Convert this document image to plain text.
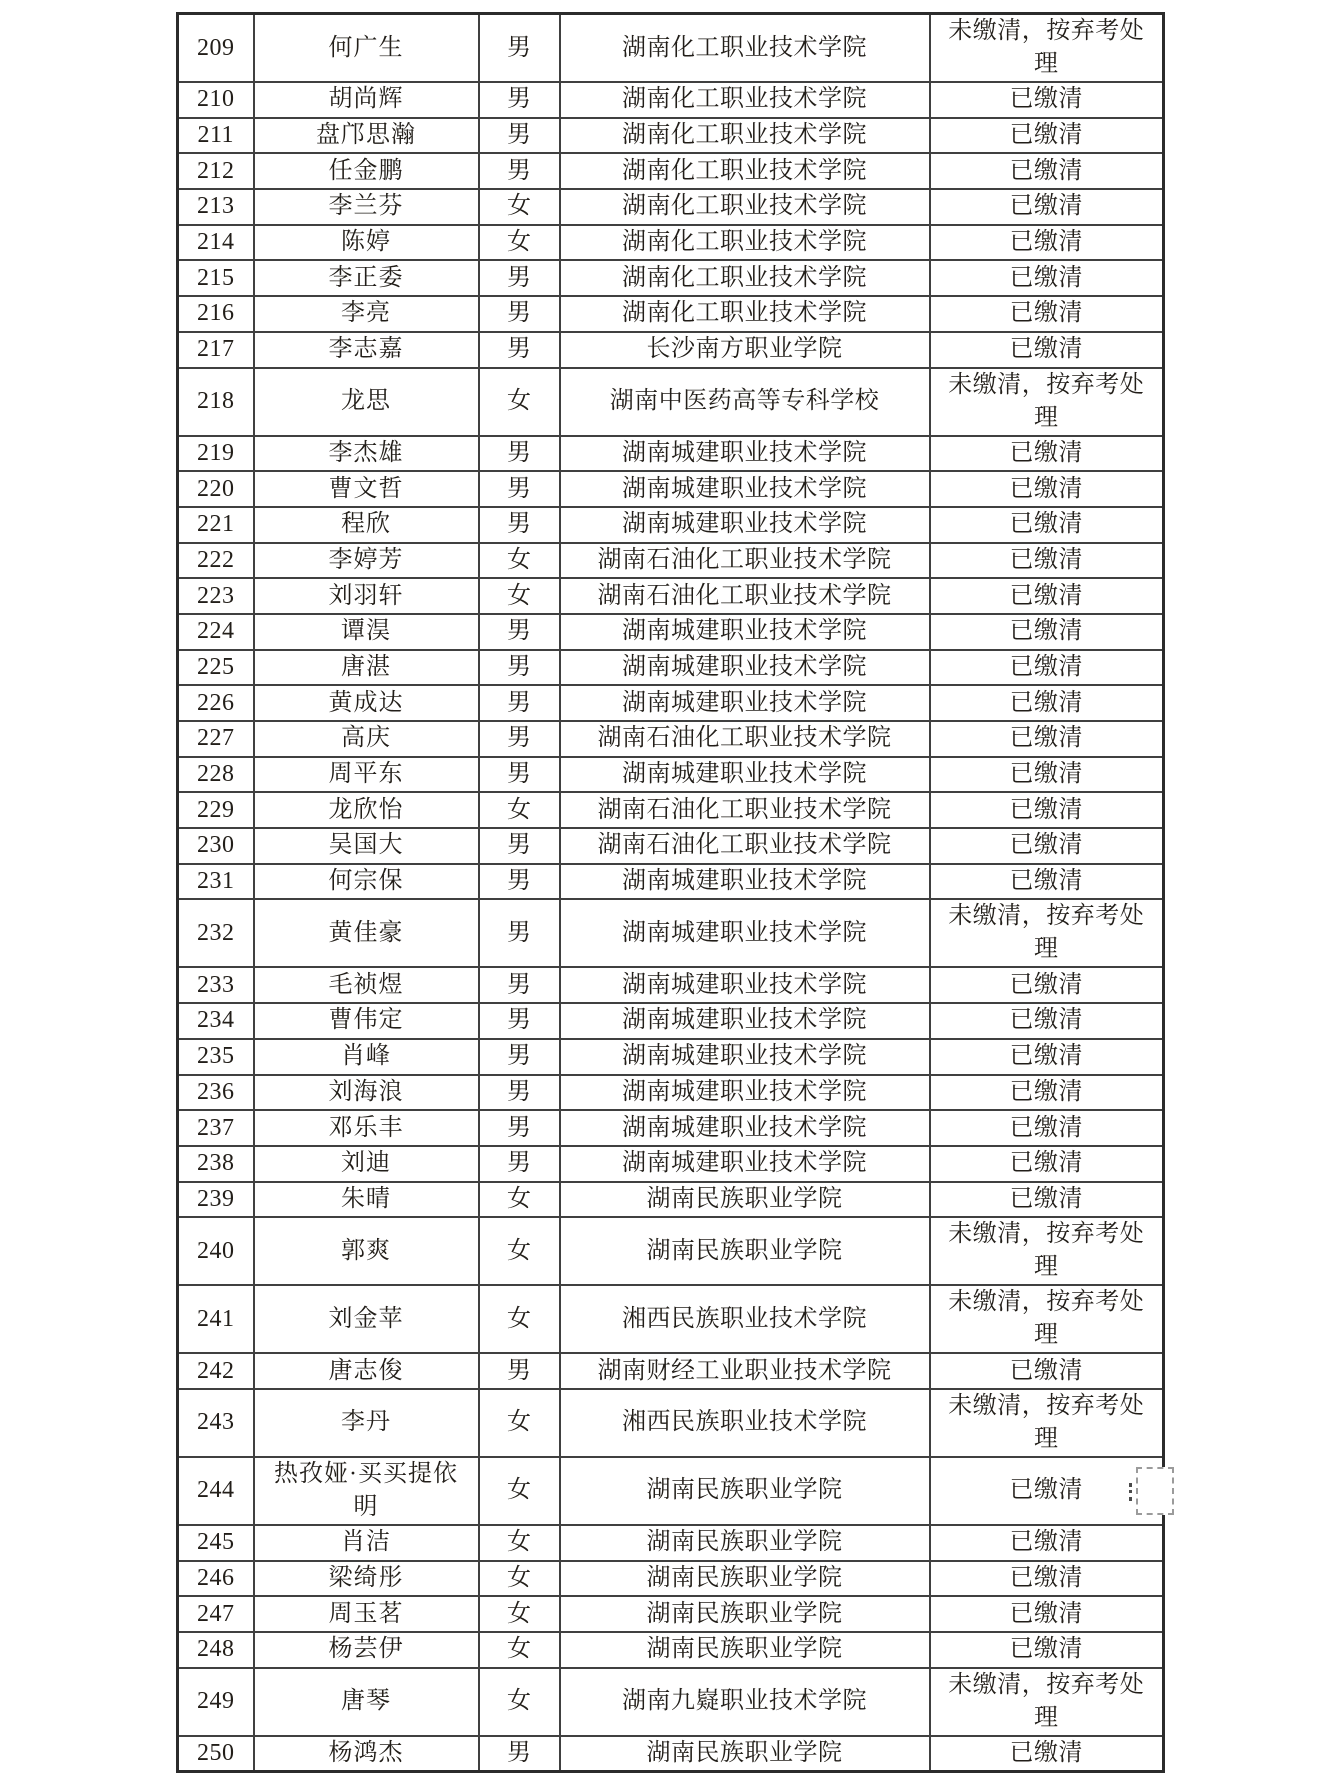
209	何广生	男	湖南化工职业技术学院	未缴清，按弃考处理
210	胡尚辉	男	湖南化工职业技术学院	已缴清
211	盘邝思瀚	男	湖南化工职业技术学院	已缴清
212	任金鹏	男	湖南化工职业技术学院	已缴清
213	李兰芬	女	湖南化工职业技术学院	已缴清
214	陈婷	女	湖南化工职业技术学院	已缴清
215	李正委	男	湖南化工职业技术学院	已缴清
216	李亮	男	湖南化工职业技术学院	已缴清
217	李志嘉	男	长沙南方职业学院	已缴清
218	龙思	女	湖南中医药高等专科学校	未缴清，按弃考处理
219	李杰雄	男	湖南城建职业技术学院	已缴清
220	曹文哲	男	湖南城建职业技术学院	已缴清
221	程欣	男	湖南城建职业技术学院	已缴清
222	李婷芳	女	湖南石油化工职业技术学院	已缴清
223	刘羽轩	女	湖南石油化工职业技术学院	已缴清
224	谭淏	男	湖南城建职业技术学院	已缴清
225	唐湛	男	湖南城建职业技术学院	已缴清
226	黄成达	男	湖南城建职业技术学院	已缴清
227	高庆	男	湖南石油化工职业技术学院	已缴清
228	周平东	男	湖南城建职业技术学院	已缴清
229	龙欣怡	女	湖南石油化工职业技术学院	已缴清
230	吴国大	男	湖南石油化工职业技术学院	已缴清
231	何宗保	男	湖南城建职业技术学院	已缴清
232	黄佳豪	男	湖南城建职业技术学院	未缴清，按弃考处理
233	毛祯煜	男	湖南城建职业技术学院	已缴清
234	曹伟定	男	湖南城建职业技术学院	已缴清
235	肖峰	男	湖南城建职业技术学院	已缴清
236	刘海浪	男	湖南城建职业技术学院	已缴清
237	邓乐丰	男	湖南城建职业技术学院	已缴清
238	刘迪	男	湖南城建职业技术学院	已缴清
239	朱晴	女	湖南民族职业学院	已缴清
240	郭爽	女	湖南民族职业学院	未缴清，按弃考处理
241	刘金苹	女	湘西民族职业技术学院	未缴清，按弃考处理
242	唐志俊	男	湖南财经工业职业技术学院	已缴清
243	李丹	女	湘西民族职业技术学院	未缴清，按弃考处理
244	热孜娅·买买提依明	女	湖南民族职业学院	已缴清
245	肖洁	女	湖南民族职业学院	已缴清
246	梁绮彤	女	湖南民族职业学院	已缴清
247	周玉茗	女	湖南民族职业学院	已缴清
248	杨芸伊	女	湖南民族职业学院	已缴清
249	唐琴	女	湖南九嶷职业技术学院	未缴清，按弃考处理
250	杨鸿杰	男	湖南民族职业学院	已缴清
